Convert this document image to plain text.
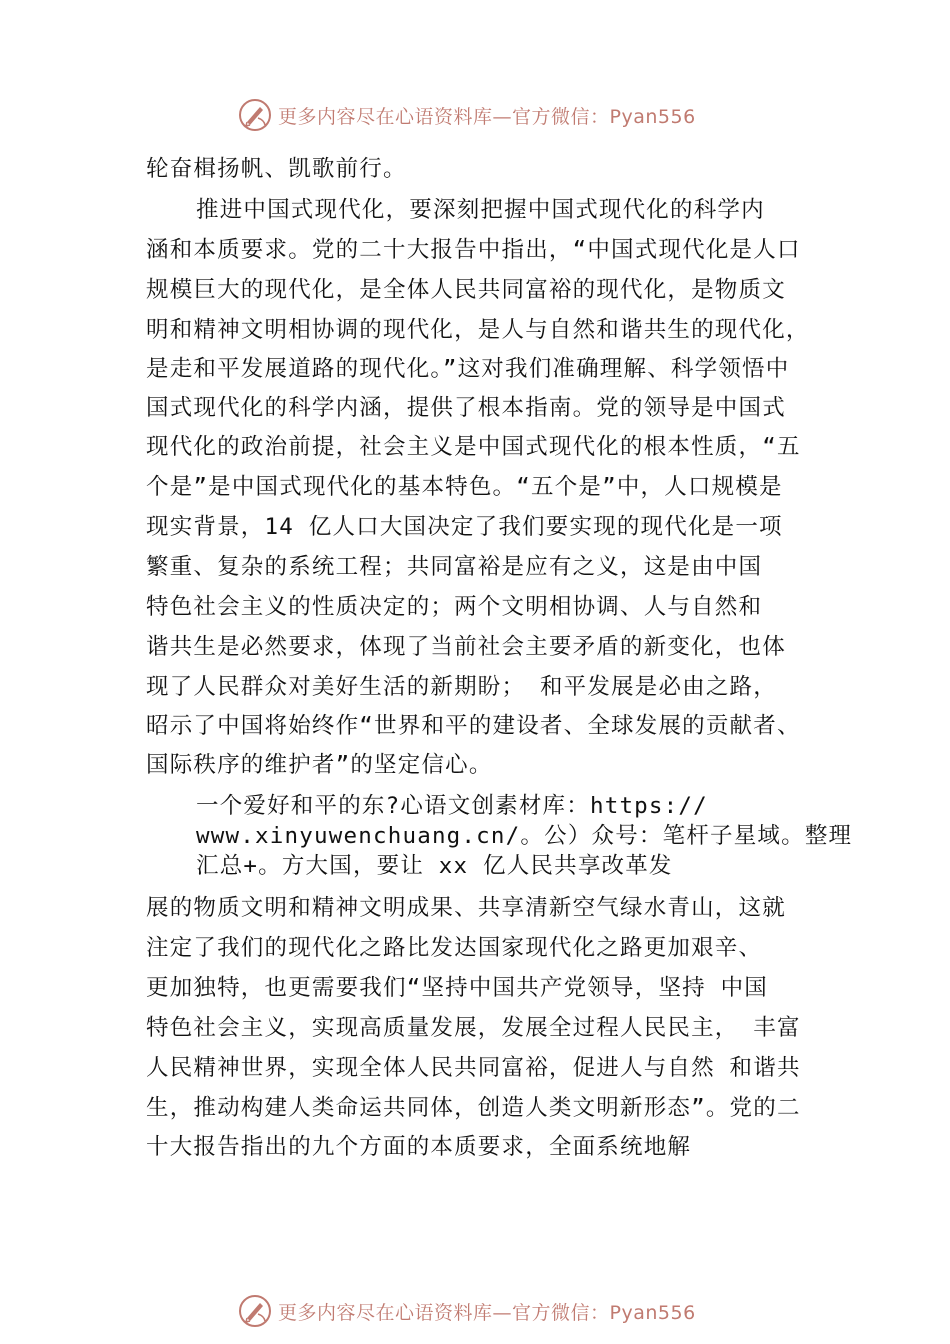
更多内容尽在心语资料库—官方微信：Pyan556
轮奋楫扬帆、凯歌前行。
推进中国式现代化，要深刻把握中国式现代化的科学内
涵和本质要求。党的二十大报告中指出，“中国式现代化是人口
规模巨大的现代化，是全体人民共同富裕的现代化，是物质文
明和精神文明相协调的现代化，是人与自然和谐共生的现代化，
是走和平发展道路的现代化。”这对我们准确理解、科学领悟中
国式现代化的科学内涵，提供了根本指南。党的领导是中国式
现代化的政治前提，社会主义是中国式现代化的根本性质，“五
个是”是中国式现代化的基本特色。“五个是”中，人口规模是
现实背景，14 亿人口大国决定了我们要实现的现代化是一项
繁重、复杂的系统工程；共同富裕是应有之义，这是由中国
特色社会主义的性质决定的；两个文明相协调、人与自然和
谐共生是必然要求，体现了当前社会主要矛盾的新变化，也体
现了人民群众对美好生活的新期盼； 和平发展是必由之路，
昭示了中国将始终作“世界和平的建设者、全球发展的贡献者、
国际秩序的维护者”的坚定信心。
一个爱好和平的东?心语文创素材库：https://
www.xinyuwenchuang.cn/。公）众号：笔杆子星域。整理
汇总+。方大国，要让 xx 亿人民共享改革发
展的物质文明和精神文明成果、共享清新空气绿水青山，这就
注定了我们的现代化之路比发达国家现代化之路更加艰辛、
更加独特，也更需要我们“坚持中国共产党领导，坚持 中国
特色社会主义，实现高质量发展，发展全过程人民民主， 丰富
人民精神世界，实现全体人民共同富裕，促进人与自然 和谐共
生，推动构建人类命运共同体，创造人类文明新形态”。党的二
十大报告指出的九个方面的本质要求，全面系统地解
更多内容尽在心语资料库—官方微信：Pyan556
